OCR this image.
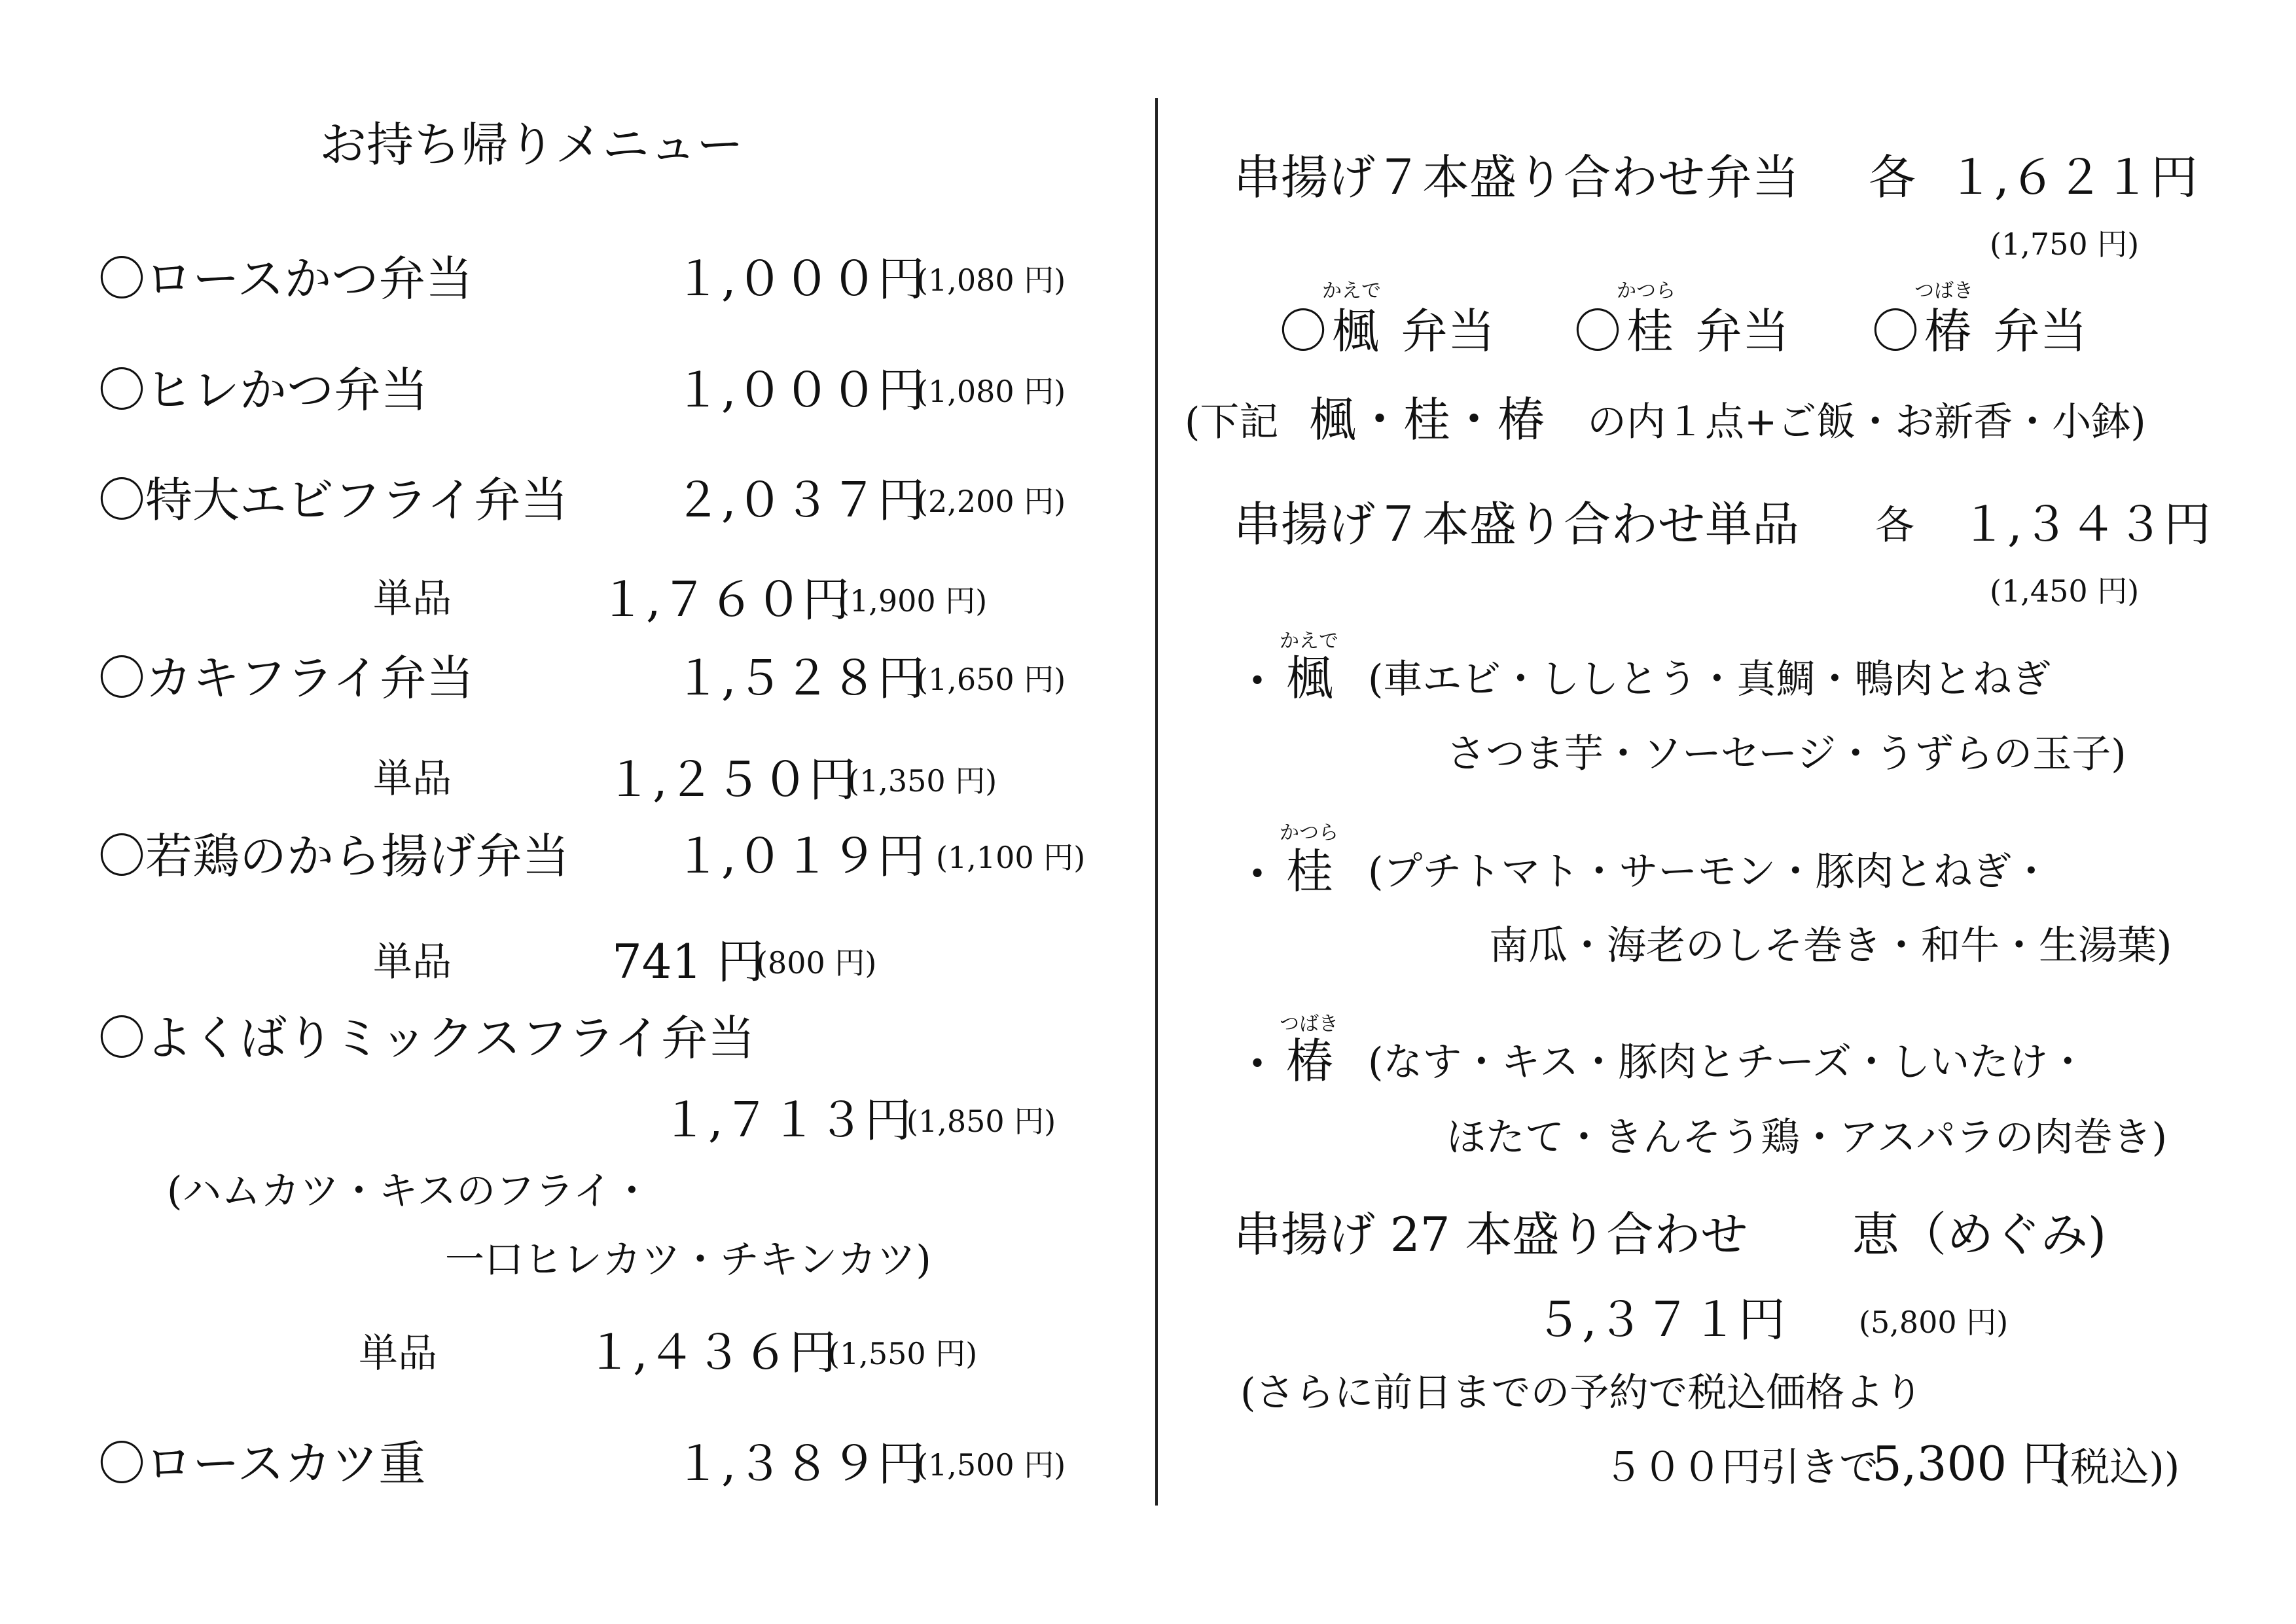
お持ち帰りメニュー
〇ロースかつ弁当	１,０００円
(1,080 円)
〇ヒレかつ弁当	１,０００円
(1,080 円)
〇特大エビフライ弁当 ２,０３７円
(2,200 円)
単品	１,７６０円
(1,900 円)
〇カキフライ弁当	１,５２８円
(1,650 円)
単品	１,２５０円
(1,350 円)
〇若鶏のから揚げ弁当 １,０１９円 (1,100 円)
単品	741 円
(800 円)
〇よくばりミックスフライ弁当
１,７１３円
(1,850 円)
(ハムカツ・キスのフライ・
一口ヒレカツ・チキンカツ)
単品	１,４３６円
(1,550 円)
〇ロースカツ重	１,３８９円
(1,500 円)
串揚げ７本盛り合わせ弁当 各 １,６２１円
(1,750 円)
〇
かえで
楓 弁当 〇
かつら
桂 弁当 〇
つばき
椿 弁当
(下記 楓・桂・椿 の内１点+ご飯・お新香・小鉢)
串揚げ７本盛り合わせ単品 各 １,３４３円
(1,450 円)
・
かえで
楓 (車エビ・ししとう・真鯛・鴨肉とねぎ
さつま芋・ソーセージ・うずらの玉子)
・
かつら
桂 (プチトマト・サーモン・豚肉とねぎ・
南瓜・海老のしそ巻き・和牛・生湯葉)
・
つばき
椿 (なす・キス・豚肉とチーズ・しいたけ・
ほたて・きんそう鶏・アスパラの肉巻き)
串揚げ 27 本盛り合わせ 恵（めぐみ)
５,３７１円 (5,800 円)
(さらに前日までの予約で税込価格より
５００円引きで
5,300 円
(税込))
